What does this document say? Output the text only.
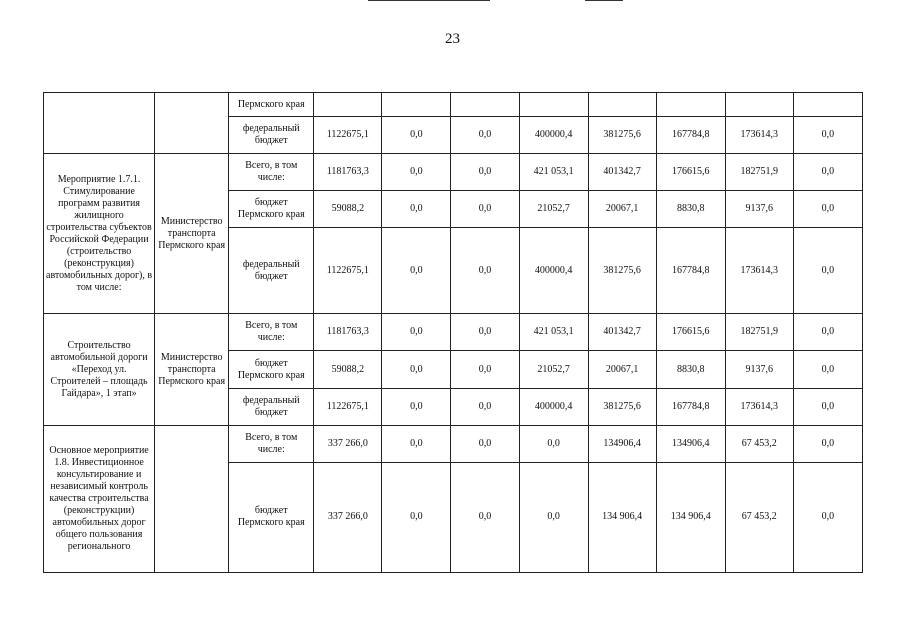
23
		Пермского края								
		федеральный бюджет	1122675,1	0,0	0,0	400000,4	381275,6	167784,8	173614,3	0,0
Мероприятие 1.7.1. Стимулирование программ развития жилищного строительства субъектов Российской Федерации (строительство (реконструкция) автомобильных дорог), в том числе:	Министерство транспорта Пермского края	Всего, в том числе:	1181763,3	0,0	0,0	421 053,1	401342,7	176615,6	182751,9	0,0
		бюджет Пермского края	59088,2	0,0	0,0	21052,7	20067,1	8830,8	9137,6	0,0
		федеральный бюджет	1122675,1	0,0	0,0	400000,4	381275,6	167784,8	173614,3	0,0
Строительство автомобильной дороги «Переход ул. Строителей – площадь Гайдара», 1 этап»	Министерство транспорта Пермского края	Всего, в том числе:	1181763,3	0,0	0,0	421 053,1	401342,7	176615,6	182751,9	0,0
		бюджет Пермского края	59088,2	0,0	0,0	21052,7	20067,1	8830,8	9137,6	0,0
		федеральный бюджет	1122675,1	0,0	0,0	400000,4	381275,6	167784,8	173614,3	0,0
Основное мероприятие 1.8. Инвестиционное консультирование и независимый контроль качества строительства (реконструкции) автомобильных дорог общего пользования регионального		Всего, в том числе:	337 266,0	0,0	0,0	0,0	134906,4	134906,4	67 453,2	0,0
		бюджет Пермского края	337 266,0	0,0	0,0	0,0	134 906,4	134 906,4	67 453,2	0,0
